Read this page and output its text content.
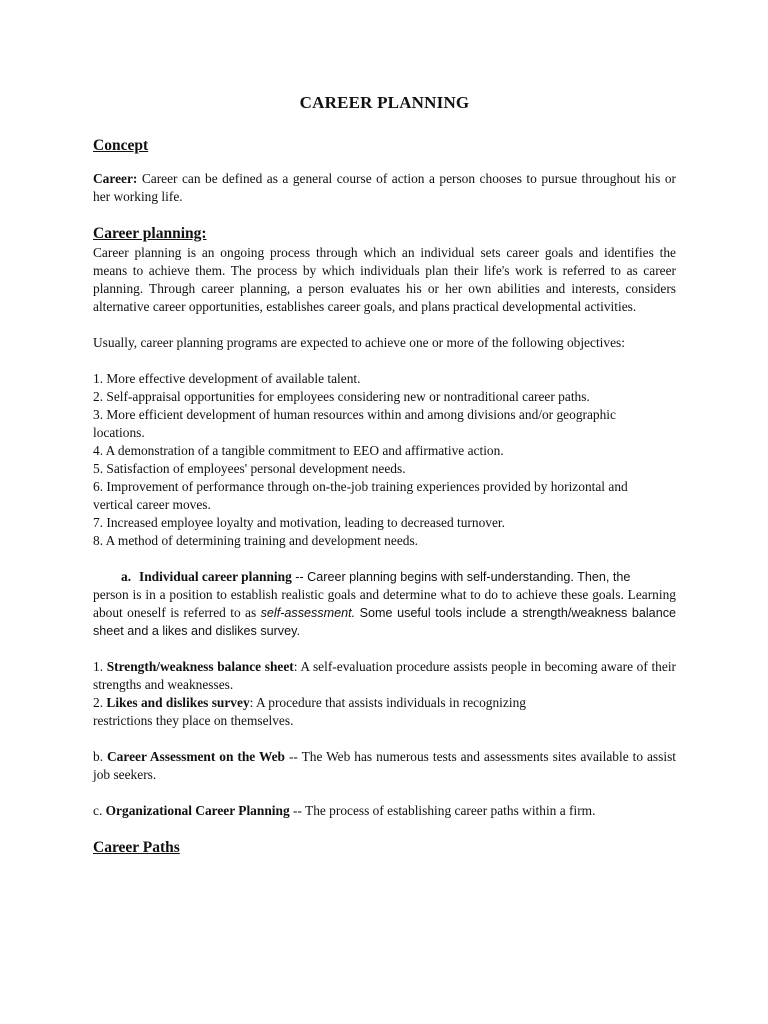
CAREER PLANNING
Concept

Career: Career can be defined as a general course of action a person chooses to pursue throughout his or her working life.

Career planning:

Career planning is an ongoing process through which an individual sets career goals and identifies the means to achieve them. The process by which individuals plan their life's work is referred to as career planning. Through career planning, a person evaluates his or her own abilities and interests, considers alternative career opportunities, establishes career goals, and plans practical developmental activities.

Usually, career planning programs are expected to achieve one or more of the following objectives:

1. More effective development of available talent.
2. Self-appraisal opportunities for employees considering new or nontraditional career paths.
3. More efficient development of human resources within and among divisions and/or geographic
locations.
4. A demonstration of a tangible commitment to EEO and affirmative action.
5. Satisfaction of employees' personal development needs.
6. Improvement of performance through on-the-job training experiences provided by horizontal and
vertical career moves.
7. Increased employee loyalty and motivation, leading to decreased turnover.
8. A method of determining training and development needs.

a. Individual career planning -- Career planning begins with self-understanding. Then, the

person is in a position to establish realistic goals and determine what to do to achieve these goals. Learning about oneself is referred to as self-assessment. Some useful tools include a strength/weakness balance sheet and a likes and dislikes survey.

1. Strength/weakness balance sheet: A self-evaluation procedure assists people in becoming aware of their strengths and weaknesses.

2. Likes and dislikes survey: A procedure that assists individuals in recognizing
restrictions they place on themselves.

b. Career Assessment on the Web -- The Web has numerous tests and assessments sites available to assist job seekers.

c. Organizational Career Planning -- The process of establishing career paths within a firm.

Career Paths
